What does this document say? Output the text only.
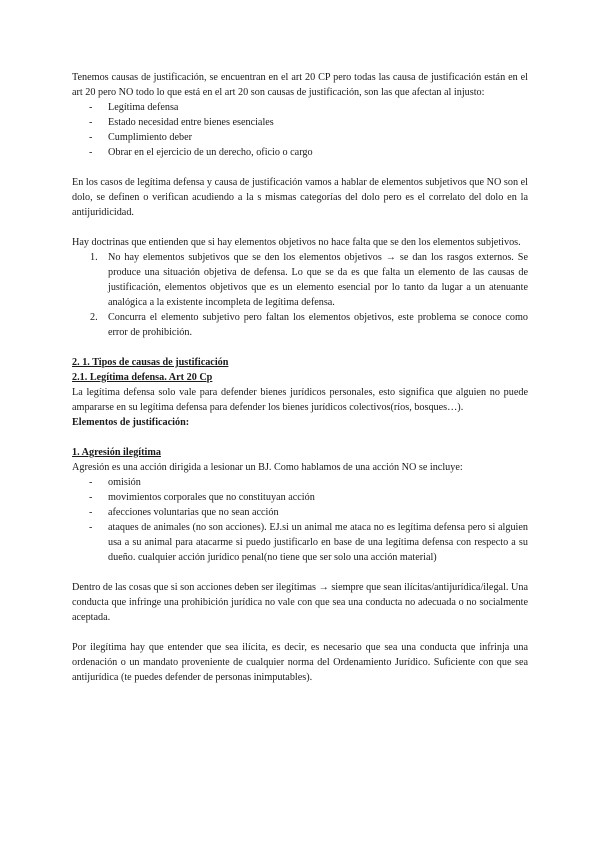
Tenemos causas de justificación, se encuentran en el art 20 CP pero todas las causa de justificación están en el art 20 pero NO todo lo que está en el art 20 son causas de justificación, son las que afectan al injusto:

- Legítima defensa
- Estado necesidad entre bienes esenciales
- Cumplimiento deber
- Obrar en el ejercicio de un derecho, oficio o cargo

En los casos de legítima defensa y causa de justificación vamos a hablar de elementos subjetivos que NO son el dolo, se definen o verifican acudiendo a la s mismas categorías del dolo pero es el correlato del dolo en la antijuridicidad.

Hay doctrinas que entienden que si hay elementos objetivos no hace falta que se den los elementos subjetivos.

1. No hay elementos subjetivos que se den los elementos objetivos → se dan los rasgos externos. Se produce una situación objetiva de defensa. Lo que se da es que falta un elemento de las causas de justificación, elementos objetivos que es un elemento esencial por lo tanto da lugar a un atenuante analógica a la existente incompleta de legítima defensa.
2. Concurra el elemento subjetivo pero faltan los elementos objetivos, este problema se conoce como error de prohibición.

2. 1. Tipos de causas de justificación

2.1. Legítima defensa. Art 20 Cp

La legítima defensa solo vale para defender bienes jurídicos personales, esto significa que alguien no puede ampararse en su legítima defensa para defender los bienes jurídicos colectivos(ríos, bosques…).

Elementos de justificación:

1. Agresión ilegítima

Agresión es una acción dirigida a lesionar un BJ. Como hablamos de una acción NO se incluye:

- omisión
- movimientos corporales que no constituyan acción
- afecciones voluntarias que no sean acción
- ataques de animales (no son acciones). EJ.si un animal me ataca no es legítima defensa pero si alguien usa a su animal para atacarme si puedo justificarlo en base de una legítima defensa con respecto a su dueño. cualquier acción jurídico penal(no tiene que ser solo una acción material)

Dentro de las cosas que si son acciones deben ser ilegítimas → siempre que sean ilícitas/antijurídica/ilegal. Una conducta que infringe una prohibición jurídica no vale con que sea una conducta no adecuada o no socialmente aceptada.

Por ilegítima hay que entender que sea ilícita, es decir, es necesario que sea una conducta que infrinja una ordenación o un mandato proveniente de cualquier norma del Ordenamiento Jurídico. Suficiente con que sea antijurídica (te puedes defender de personas inimputables).
